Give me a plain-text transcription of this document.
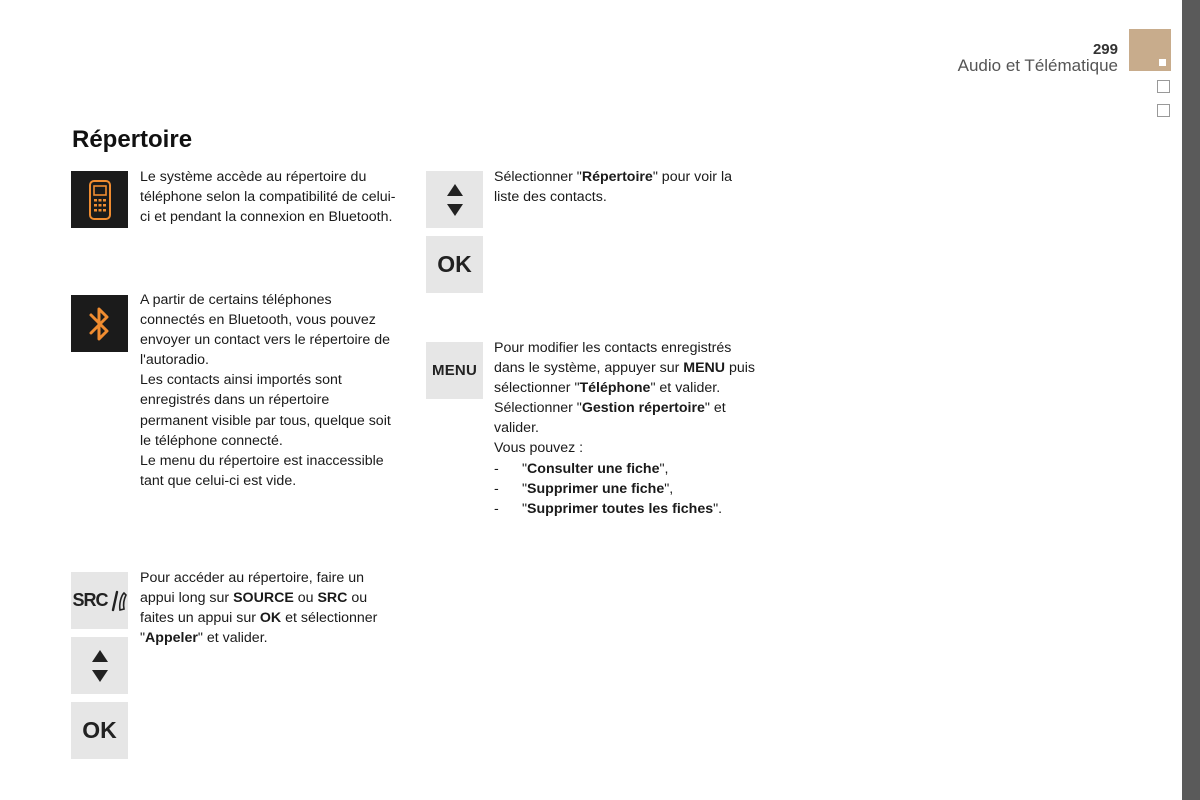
299
Audio et Télématique
Répertoire

Le système accède au répertoire du téléphone selon la compatibilité de celui-ci et pendant la connexion en Bluetooth.

A partir de certains téléphones connectés en Bluetooth, vous pouvez envoyer un contact vers le répertoire de l'autoradio.

Les contacts ainsi importés sont enregistrés dans un répertoire permanent visible par tous, quelque soit le téléphone connecté.

Le menu du répertoire est inaccessible tant que celui-ci est vide.

SRC
OK

Pour accéder au répertoire, faire un appui long sur SOURCE ou SRC ou faites un appui sur OK et sélectionner "Appeler" et valider.

OK

Sélectionner "Répertoire" pour voir la liste des contacts.

MENU

Pour modifier les contacts enregistrés dans le système, appuyer sur MENU puis sélectionner "Téléphone" et valider.

Sélectionner "Gestion répertoire" et valider.

Vous pouvez :

-	"Consulter une fiche",
-	"Supprimer une fiche",
-	"Supprimer toutes les fiches".
